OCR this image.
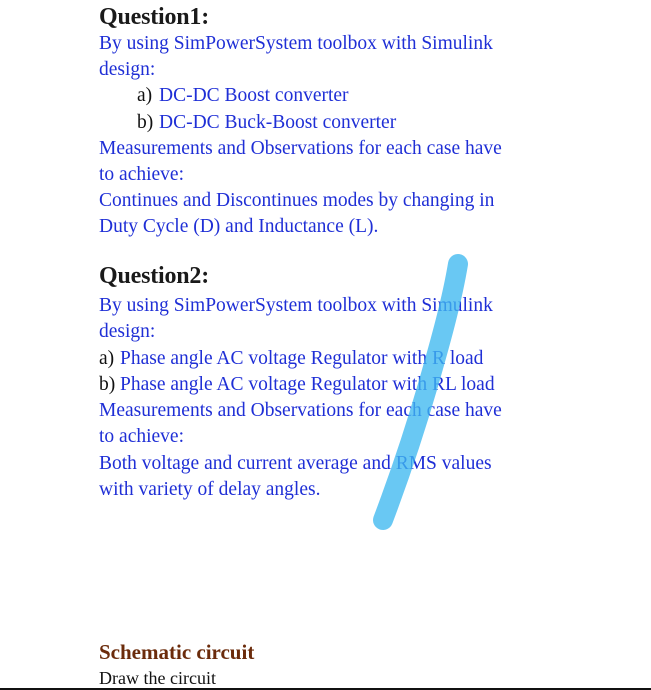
Question1:
By using SimPowerSystem toolbox with Simulink
design:
a) DC-DC Boost converter
b) DC-DC Buck-Boost converter
Measurements and Observations for each case have
to achieve:
Continues and Discontinues modes by changing in
Duty Cycle (D) and Inductance (L).
Question2:
By using SimPowerSystem toolbox with Simulink
design:
a) Phase angle AC voltage Regulator with R load
b) Phase angle AC voltage Regulator with RL load
Measurements and Observations for each case have
to achieve:
Both voltage and current average and RMS values
with variety of delay angles.
Schematic circuit
Draw the circuit
